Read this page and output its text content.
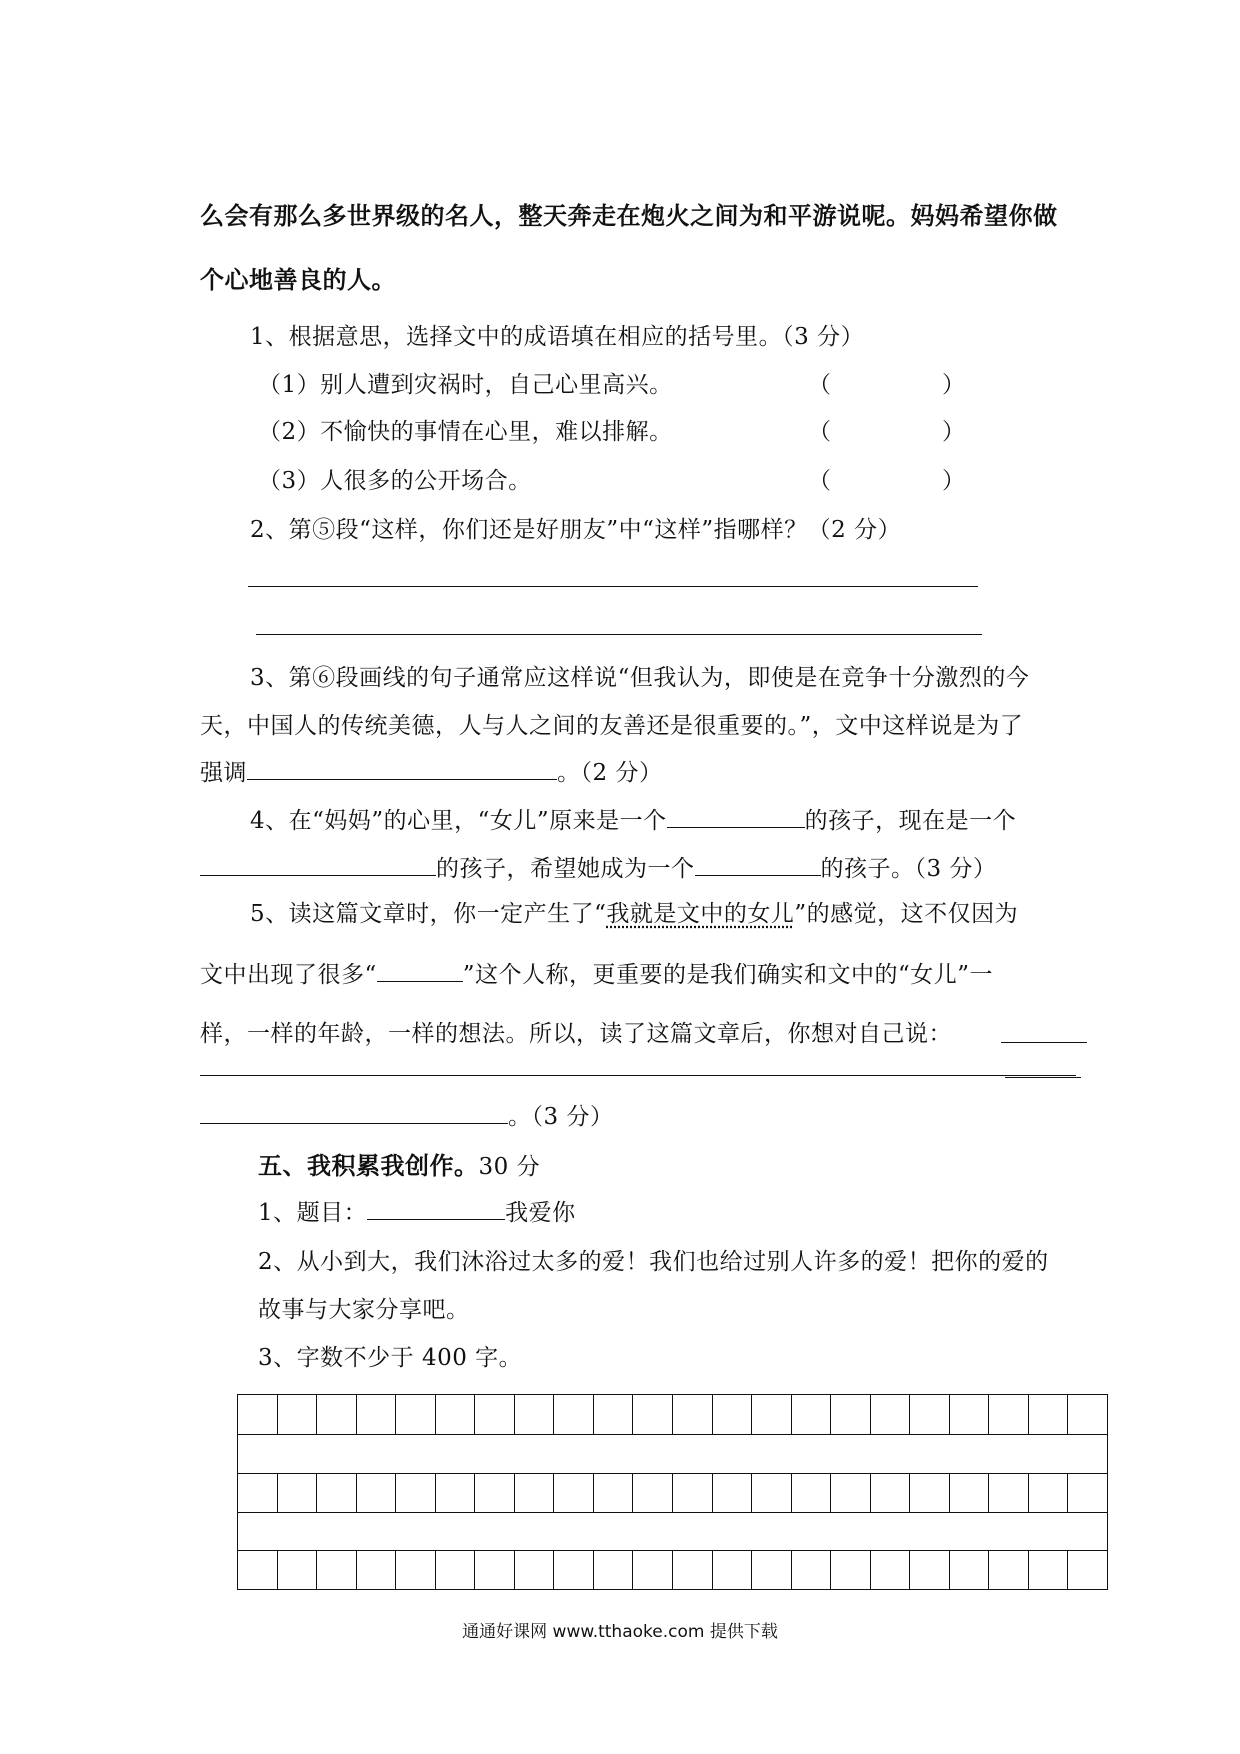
么会有那么多世界级的名人，整天奔走在炮火之间为和平游说呢。妈妈希望你做
个心地善良的人。
1、根据意思，选择文中的成语填在相应的括号里。（3 分）
（1）别人遭到灾祸时，自己心里高兴。	（	）
（2）不愉快的事情在心里，难以排解。	（	）
（3）人很多的公开场合。	（	）
2、第⑤段“这样，你们还是好朋友”中“这样”指哪样？（2 分）
3、第⑥段画线的句子通常应这样说“但我认为，即使是在竞争十分激烈的今
天，中国人的传统美德，人与人之间的友善还是很重要的。”，文中这样说是为了
强调	。（2 分）
4、在“妈妈”的心里，“女儿”原来是一个	的孩子，现在是一个
的孩子，希望她成为一个	的孩子。（3 分）
5、读这篇文章时，你一定产生了“我就是文中的女儿”的感觉，这不仅因为
文中出现了很多“	”这个人称，更重要的是我们确实和文中的“女儿”一
样，一样的年龄，一样的想法。所以，读了这篇文章后，你想对自己说：
。（3 分）
五、我积累我创作。30 分
1、题目：	我爱你
2、从小到大，我们沐浴过太多的爱！我们也给过别人许多的爱！把你的爱的
故事与大家分享吧。
3、字数不少于 400 字。
通通好课网 www.tthaoke.com 提供下载
